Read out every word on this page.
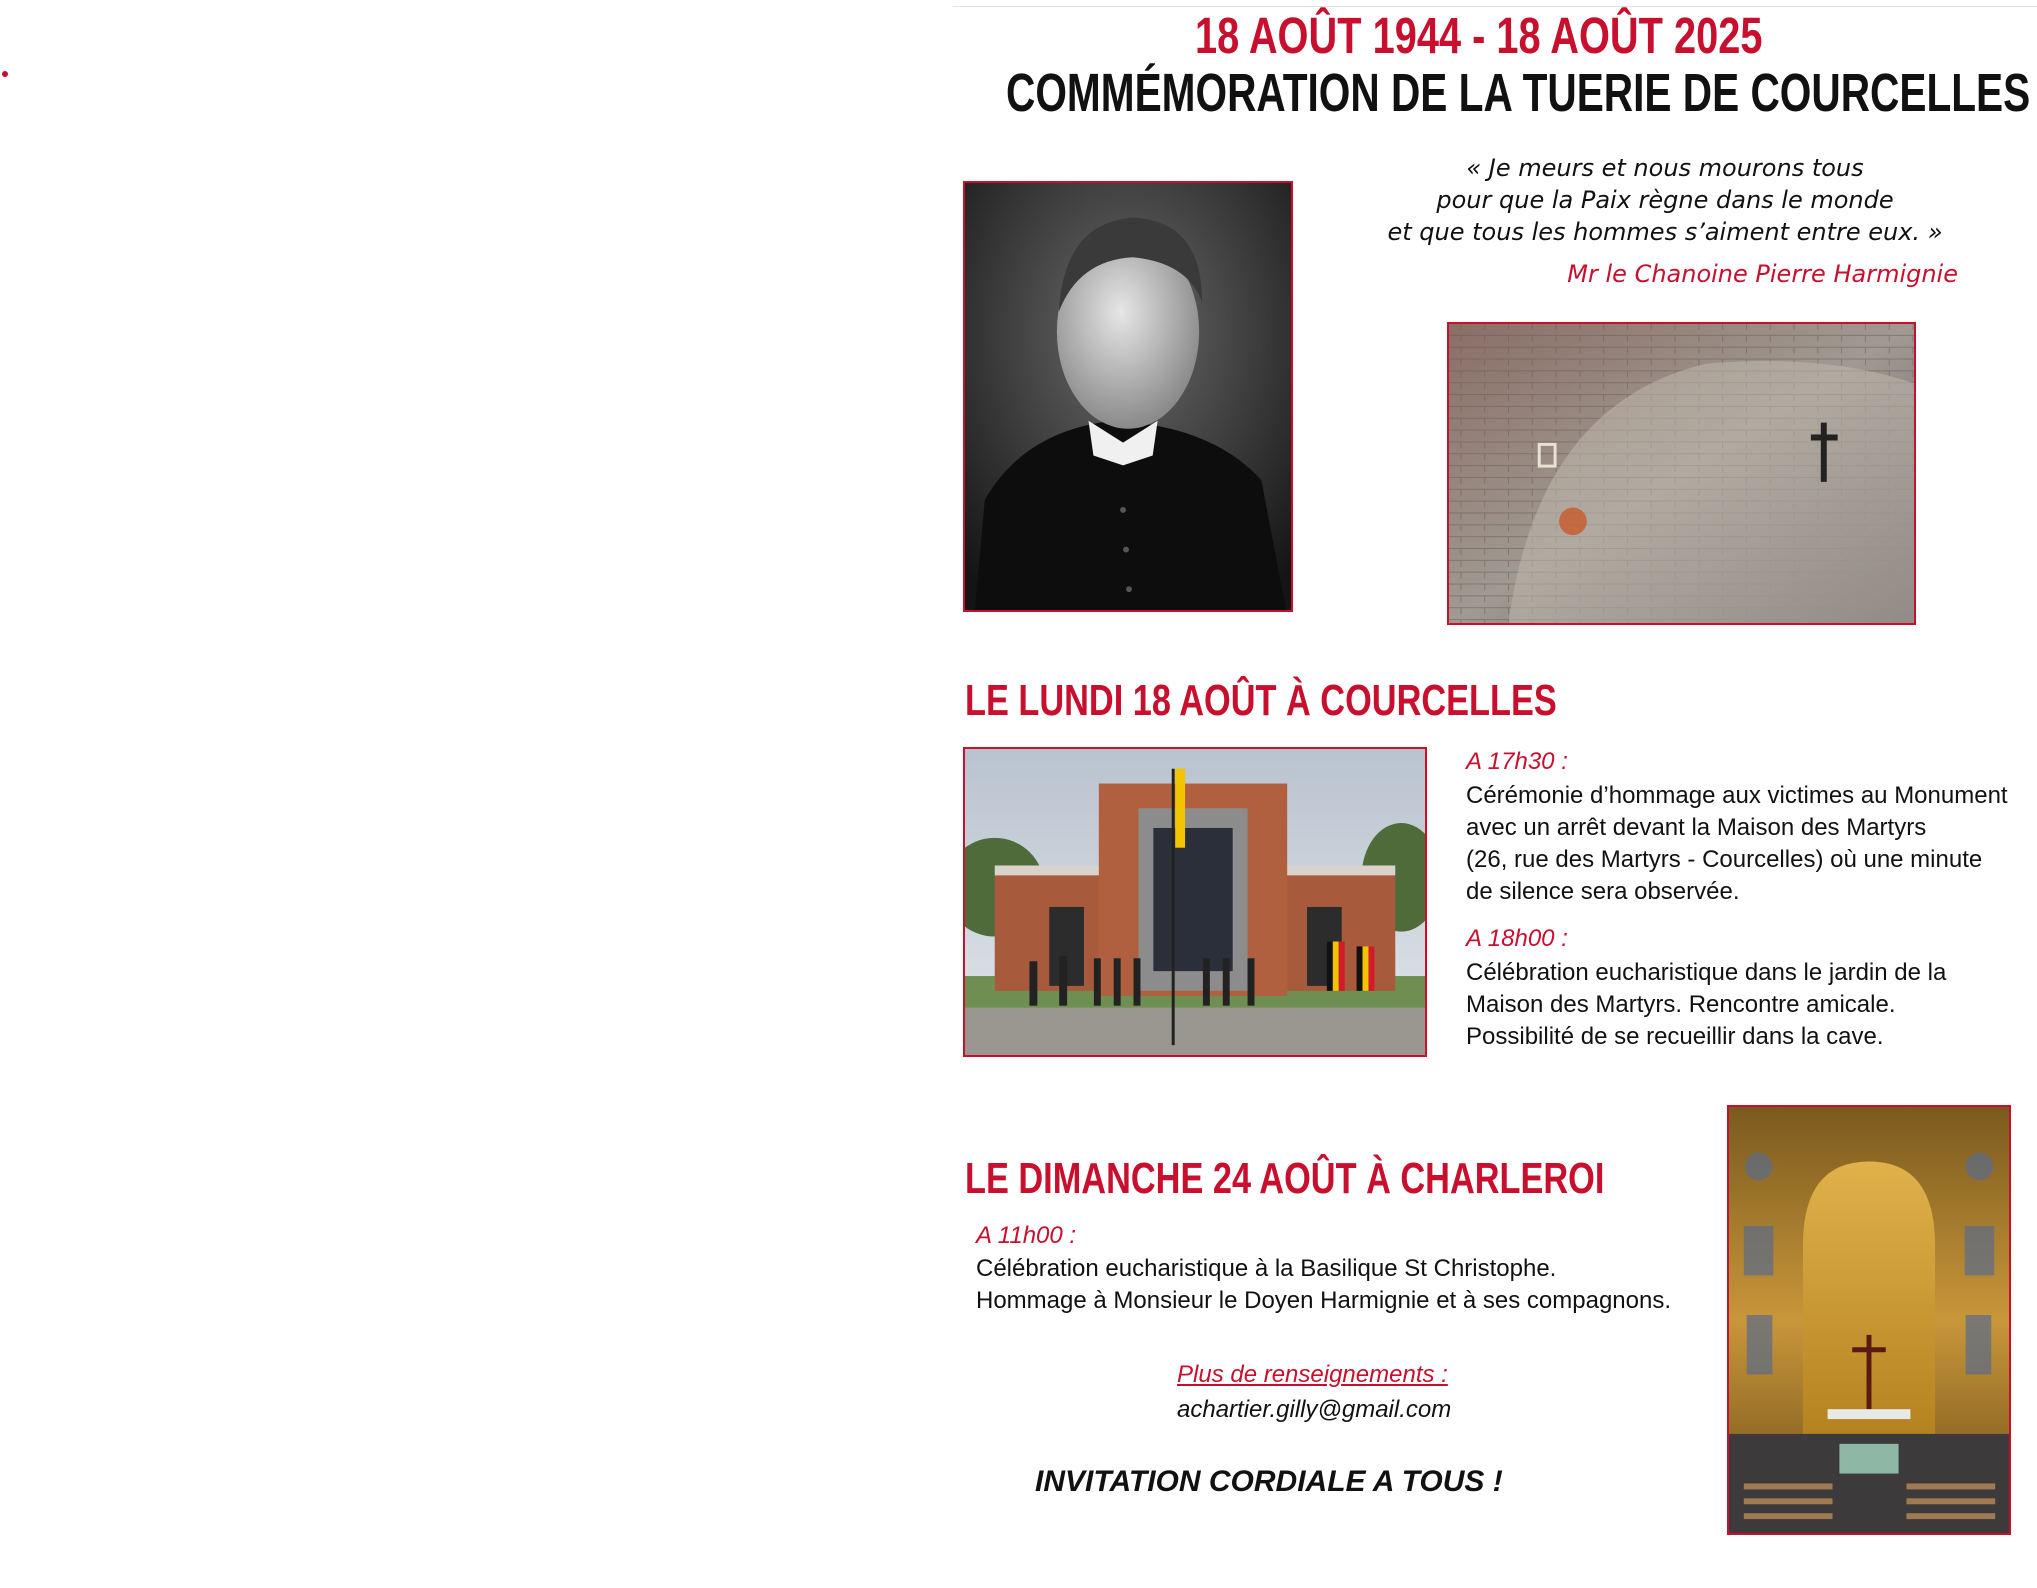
18 AOÛT 1944 - 18 AOÛT 2025
COMMÉMORATION DE LA TUERIE DE COURCELLES
« Je meurs et nous mourons tous
pour que la Paix règne dans le monde
et que tous les hommes s’aiment entre eux. »
Mr le Chanoine Pierre Harmignie
LE LUNDI 18 AOÛT À COURCELLES
A 17h30 :
Cérémonie d’hommage aux victimes au Monument
avec un arrêt devant la Maison des Martyrs
(26, rue des Martyrs - Courcelles) où une minute
de silence sera observée.
A 18h00 :
Célébration eucharistique dans le jardin de la
Maison des Martyrs. Rencontre amicale.
Possibilité de se recueillir dans la cave.
LE DIMANCHE 24 AOÛT À CHARLEROI
A 11h00 :
Célébration eucharistique à la Basilique St Christophe.
Hommage à Monsieur le Doyen Harmignie et à ses compagnons.
Plus de renseignements :
achartier.gilly@gmail.com
INVITATION CORDIALE A TOUS !
